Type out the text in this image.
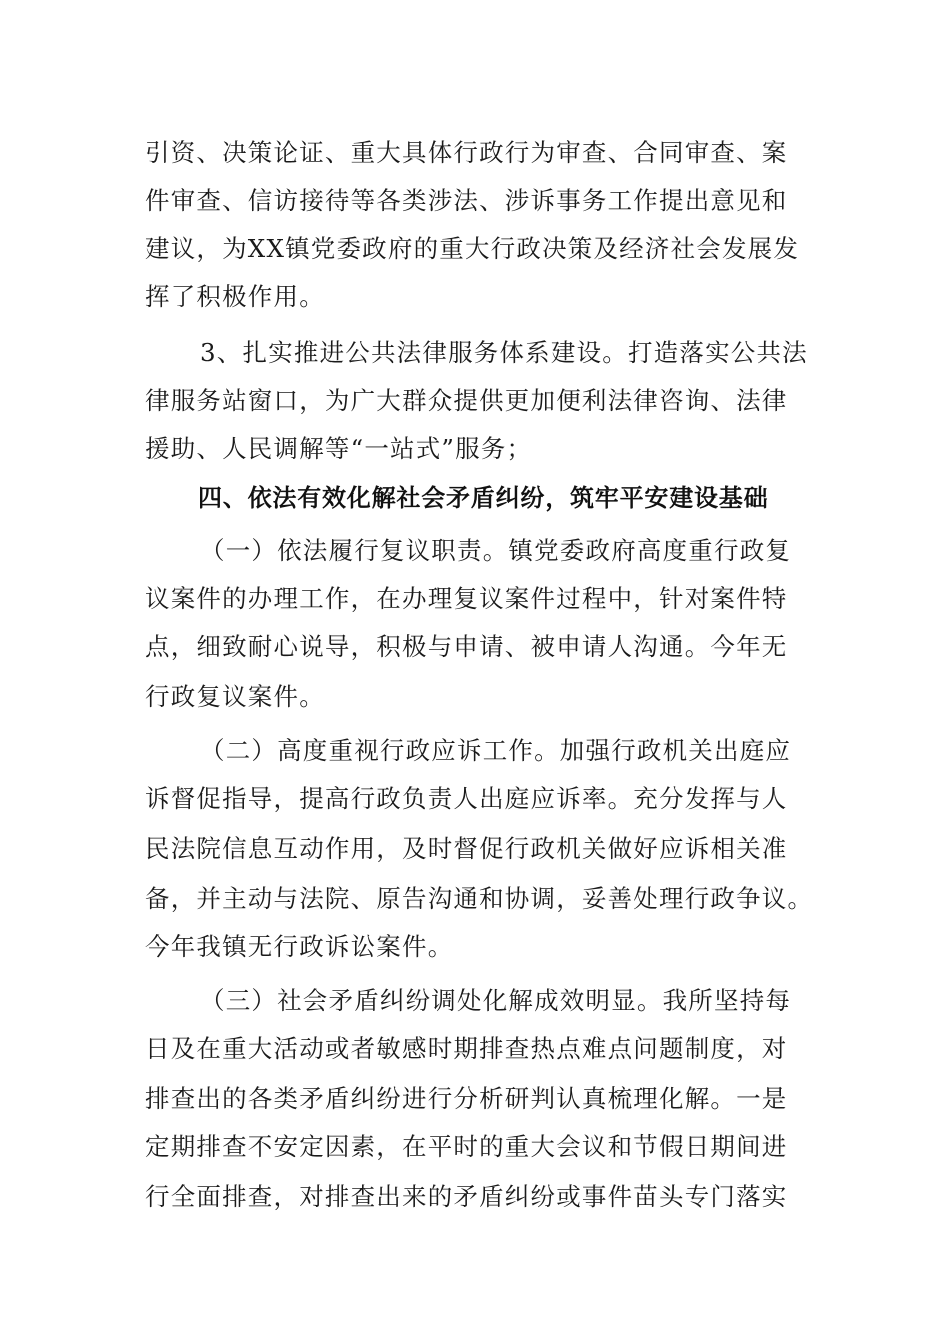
引资、决策论证、重大具体行政行为审查、合同审查、案
件审查、信访接待等各类涉法、涉诉事务工作提出意见和
建议，为XX镇党委政府的重大行政决策及经济社会发展发
挥了积极作用。
3、扎实推进公共法律服务体系建设。打造落实公共法
律服务站窗口，为广大群众提供更加便利法律咨询、法律
援助、人民调解等“一站式”服务；
四、依法有效化解社会矛盾纠纷，筑牢平安建设基础
（一）依法履行复议职责。镇党委政府高度重行政复
议案件的办理工作，在办理复议案件过程中，针对案件特
点，细致耐心说导，积极与申请、被申请人沟通。今年无
行政复议案件。
（二）高度重视行政应诉工作。加强行政机关出庭应
诉督促指导，提高行政负责人出庭应诉率。充分发挥与人
民法院信息互动作用，及时督促行政机关做好应诉相关准
备，并主动与法院、原告沟通和协调，妥善处理行政争议。
今年我镇无行政诉讼案件。
（三）社会矛盾纠纷调处化解成效明显。我所坚持每
日及在重大活动或者敏感时期排查热点难点问题制度，对
排查出的各类矛盾纠纷进行分析研判认真梳理化解。一是
定期排查不安定因素，在平时的重大会议和节假日期间进
行全面排查，对排查出来的矛盾纠纷或事件苗头专门落实
